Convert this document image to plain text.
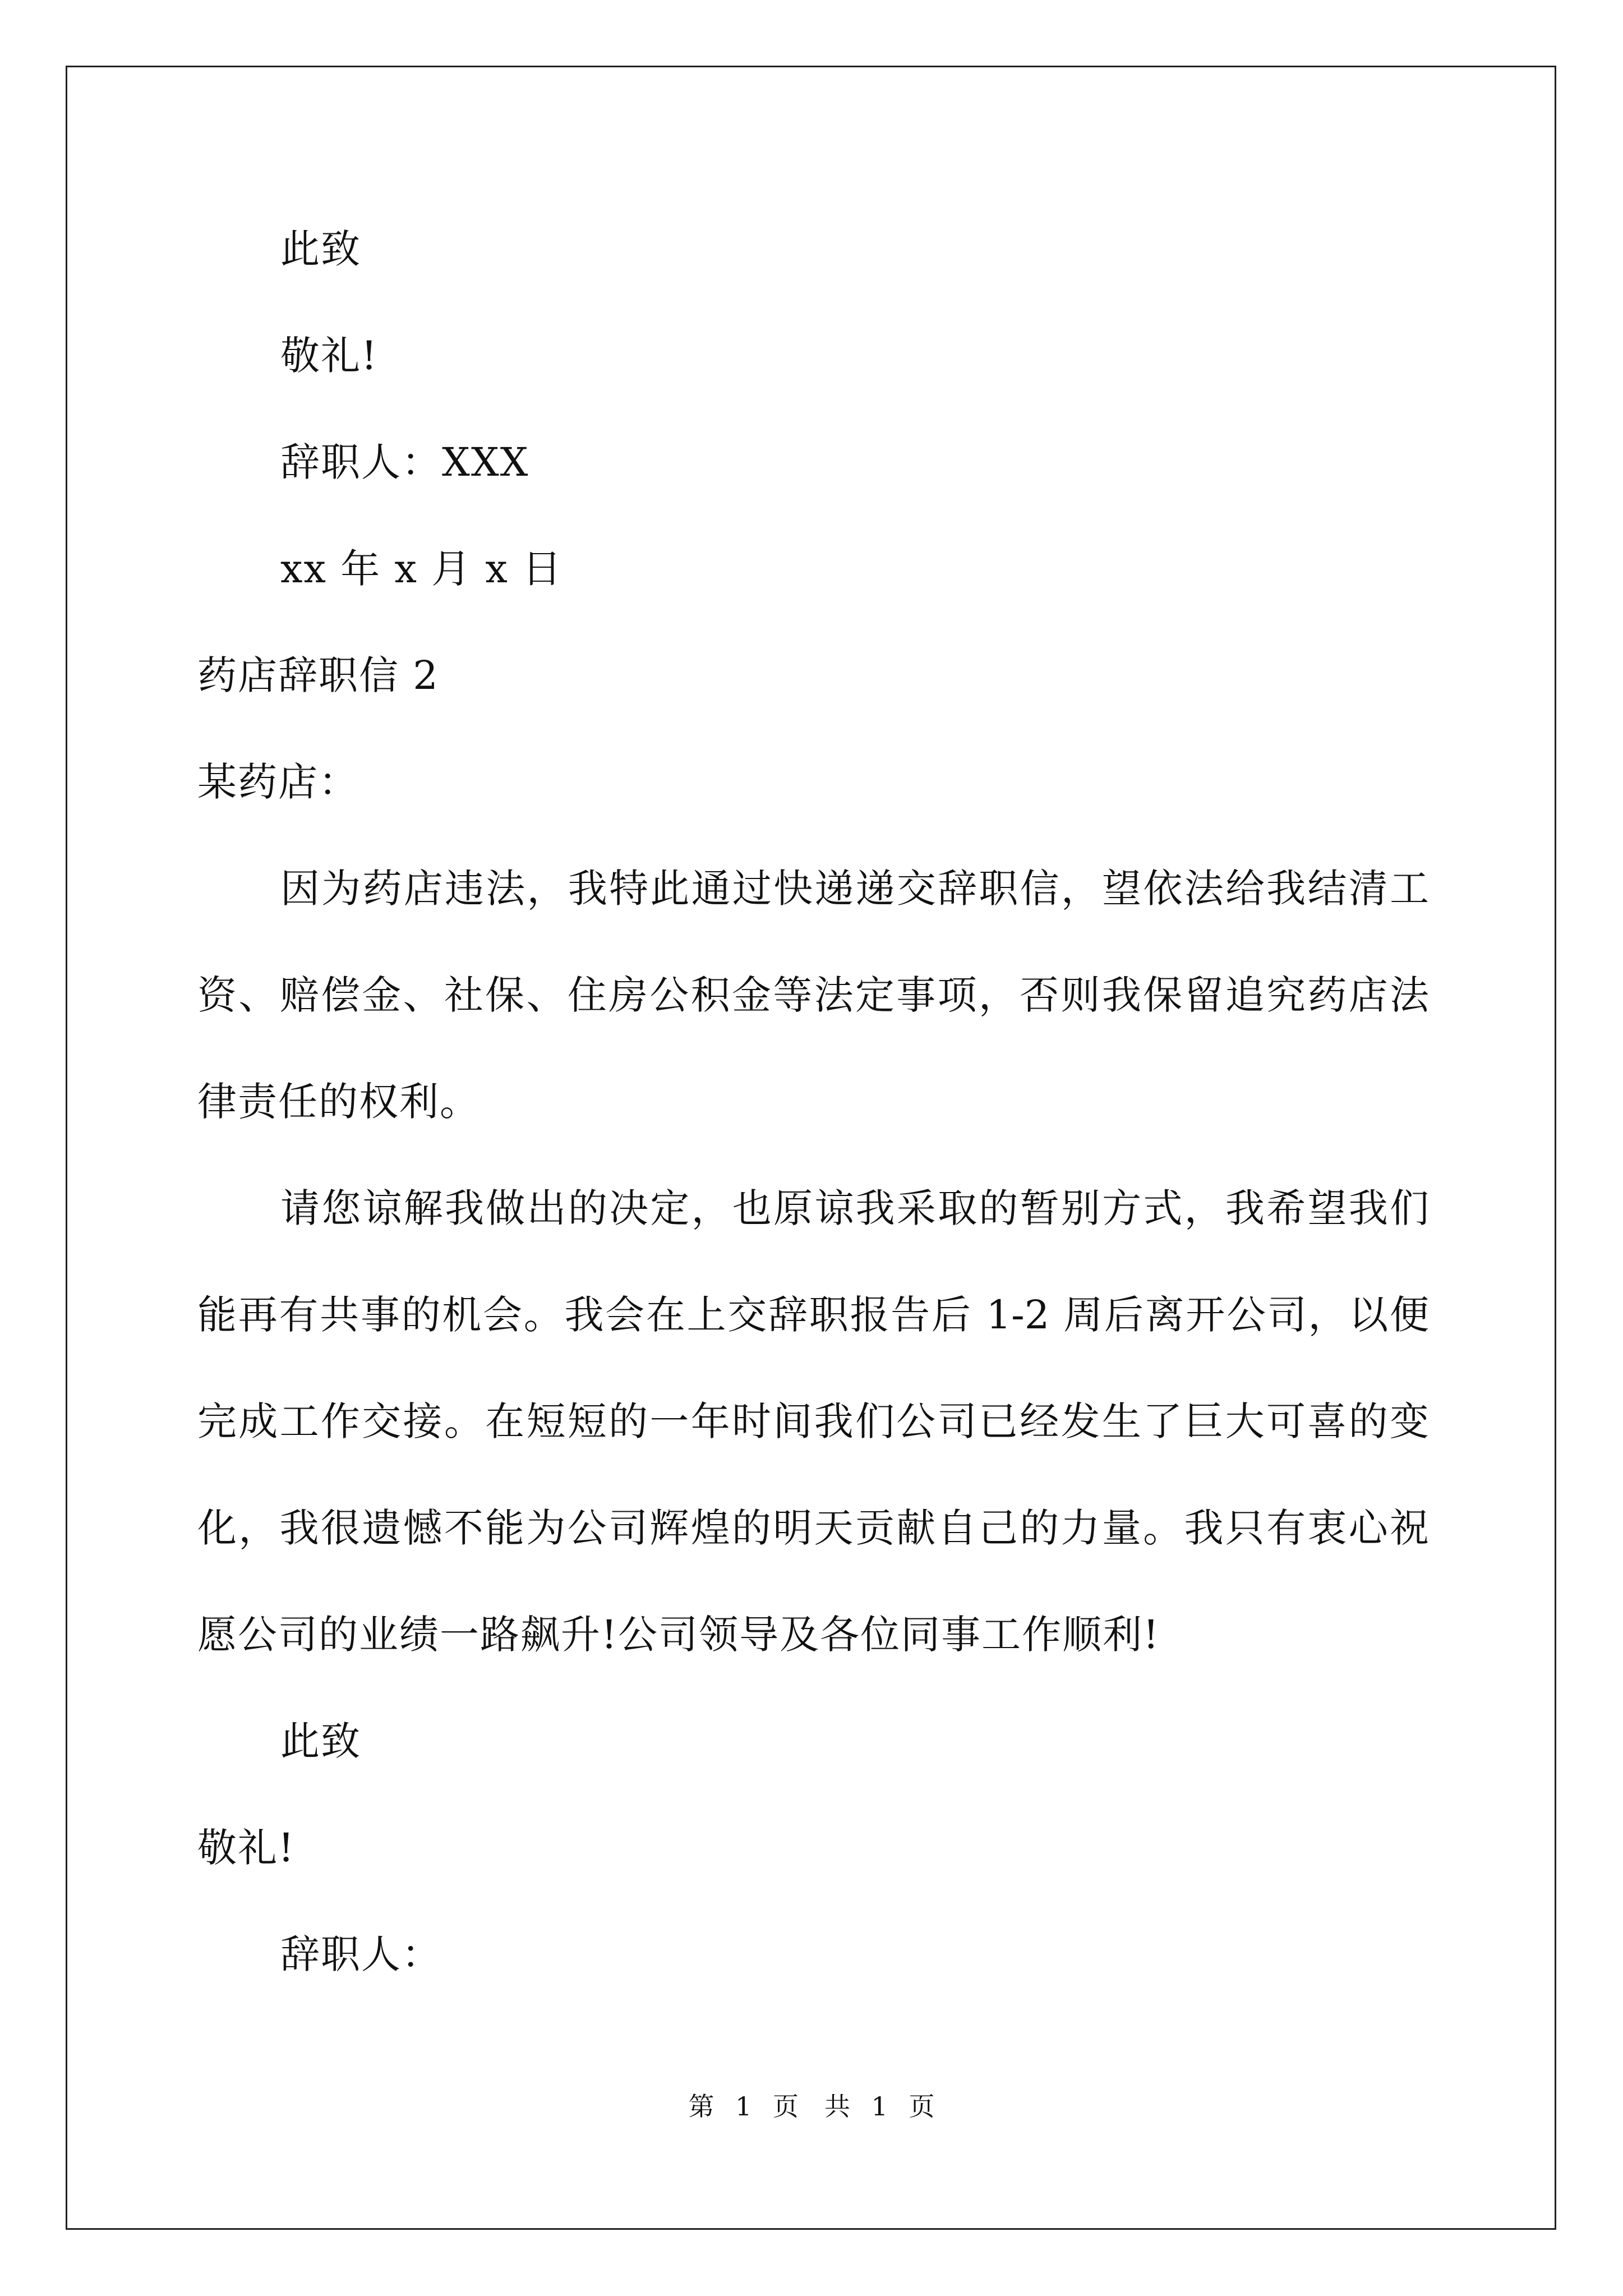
此致
敬礼!
辞职人：XXX
xx 年 x 月 x 日
药店辞职信 2
某药店：
因为药店违法，我特此通过快递递交辞职信，望依法给我结清工
资、赔偿金、社保、住房公积金等法定事项，否则我保留追究药店法
律责任的权利。
请您谅解我做出的决定，也原谅我采取的暂别方式，我希望我们
能再有共事的机会。我会在上交辞职报告后 1-2 周后离开公司，以便
完成工作交接。在短短的一年时间我们公司已经发生了巨大可喜的变
化，我很遗憾不能为公司辉煌的明天贡献自己的力量。我只有衷心祝
愿公司的业绩一路飙升!公司领导及各位同事工作顺利!
此致
敬礼!
辞职人：
第 1 页　共 1 页
